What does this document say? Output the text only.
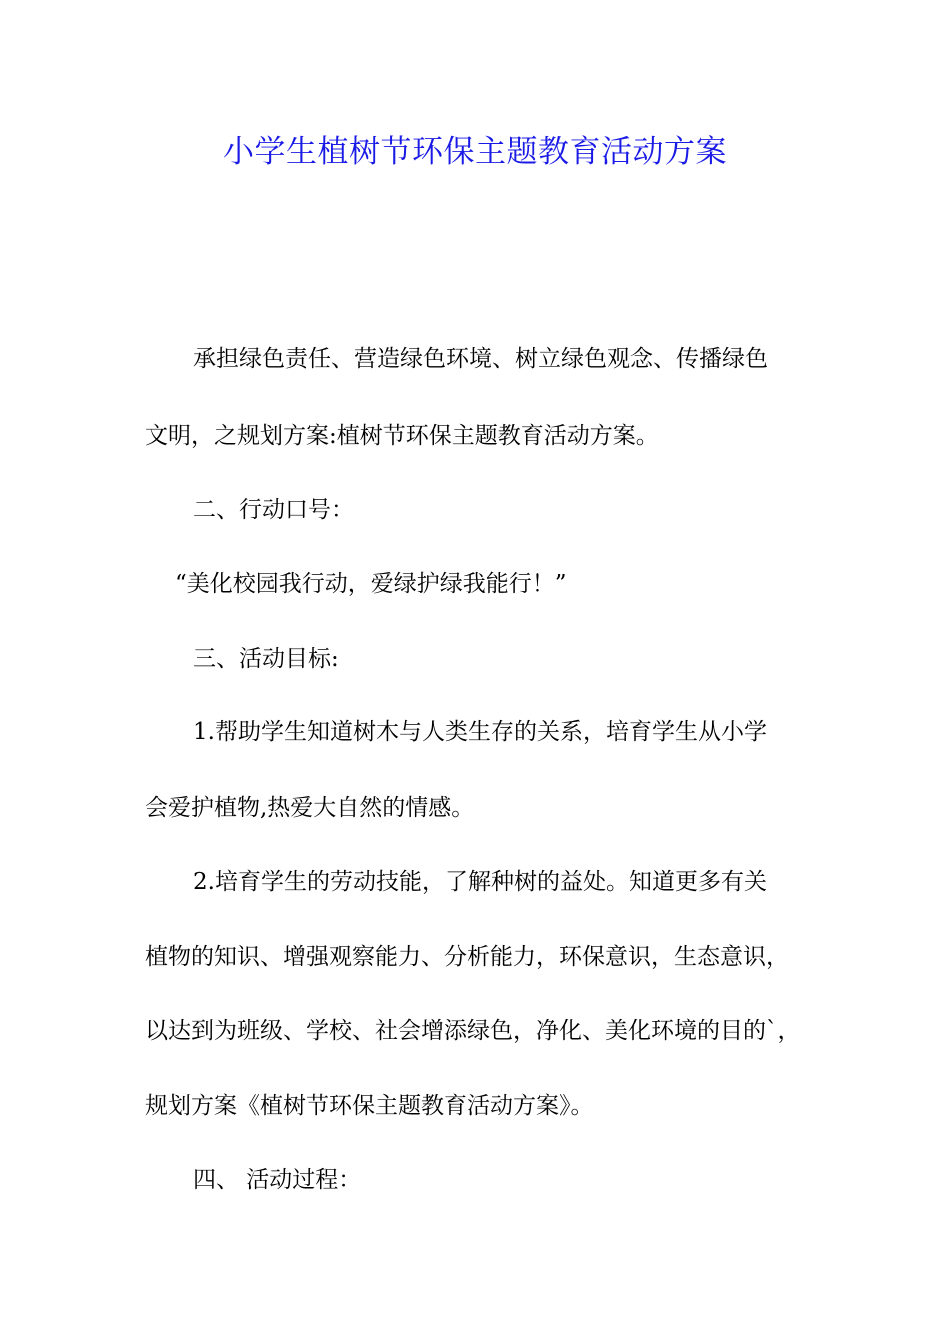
小学生植树节环保主题教育活动方案
承担绿色责任、营造绿色环境、树立绿色观念、传播绿色
文明，之规划方案:植树节环保主题教育活动方案。
二、行动口号：
“美化校园我行动，爱绿护绿我能行！”
三、活动目标:
1.帮助学生知道树木与人类生存的关系，培育学生从小学
会爱护植物,热爱大自然的情感。
2.培育学生的劳动技能，了解种树的益处。知道更多有关
植物的知识、增强观察能力、分析能力，环保意识，生态意识，
以达到为班级、学校、社会增添绿色，净化、美化环境的目的`，
规划方案《植树节环保主题教育活动方案》。
四、 活动过程：
